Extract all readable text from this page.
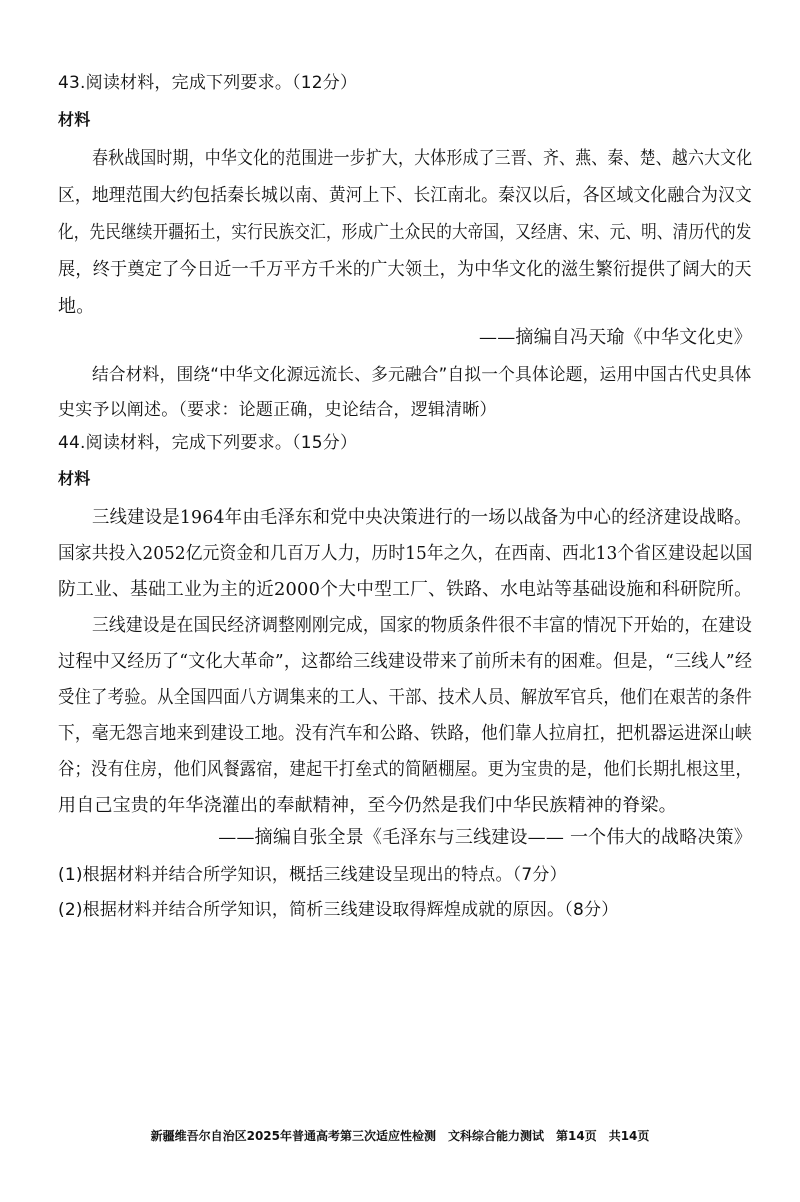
43.阅读材料，完成下列要求。（12分）
材料
春秋战国时期，中华文化的范围进一步扩大，大体形成了三晋、齐、燕、秦、楚、越六大文化
区，地理范围大约包括秦长城以南、黄河上下、长江南北。秦汉以后，各区域文化融合为汉文
化，先民继续开疆拓土，实行民族交汇，形成广土众民的大帝国，又经唐、宋、元、明、清历代的发
展，终于奠定了今日近一千万平方千米的广大领土，为中华文化的滋生繁衍提供了阔大的天
地。
——摘编自冯天瑜《中华文化史》
结合材料，围绕“中华文化源远流长、多元融合”自拟一个具体论题，运用中国古代史具体
史实予以阐述。（要求：论题正确，史论结合，逻辑清晰）
44.阅读材料，完成下列要求。（15分）
材料
三线建设是1964年由毛泽东和党中央决策进行的一场以战备为中心的经济建设战略。
国家共投入2052亿元资金和几百万人力，历时15年之久，在西南、西北13个省区建设起以国
防工业、基础工业为主的近2000个大中型工厂、铁路、水电站等基础设施和科研院所。
三线建设是在国民经济调整刚刚完成，国家的物质条件很不丰富的情况下开始的，在建设
过程中又经历了“文化大革命”，这都给三线建设带来了前所未有的困难。但是，“三线人”经
受住了考验。从全国四面八方调集来的工人、干部、技术人员、解放军官兵，他们在艰苦的条件
下，毫无怨言地来到建设工地。没有汽车和公路、铁路，他们靠人拉肩扛，把机器运进深山峡
谷；没有住房，他们风餐露宿，建起干打垒式的简陋棚屋。更为宝贵的是，他们长期扎根这里，
用自己宝贵的年华浇灌出的奉献精神，至今仍然是我们中华民族精神的脊梁。
——摘编自张全景《毛泽东与三线建设—— 一个伟大的战略决策》
(1)根据材料并结合所学知识，概括三线建设呈现出的特点。（7分）
(2)根据材料并结合所学知识，简析三线建设取得辉煌成就的原因。（8分）
新疆维吾尔自治区2025年普通高考第三次适应性检测　文科综合能力测试　第14页　共14页
